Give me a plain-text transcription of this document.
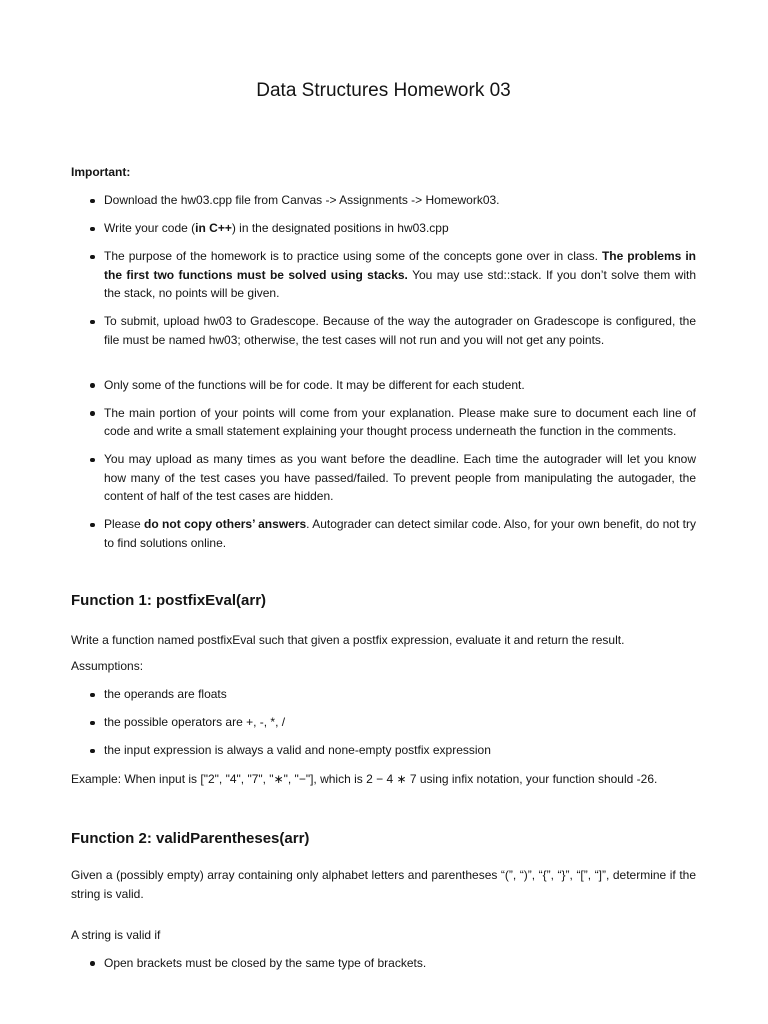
Data Structures Homework 03

Important:

Download the hw03.cpp file from Canvas -> Assignments -> Homework03.
Write your code (in C++) in the designated positions in hw03.cpp
The purpose of the homework is to practice using some of the concepts gone over in class. The problems in the first two functions must be solved using stacks. You may use std::stack. If you don’t solve them with the stack, no points will be given.
To submit, upload hw03 to Gradescope. Because of the way the autograder on Gradescope is configured, the file must be named hw03; otherwise, the test cases will not run and you will not get any points.
Only some of the functions will be for code. It may be different for each student.
The main portion of your points will come from your explanation. Please make sure to document each line of code and write a small statement explaining your thought process underneath the function in the comments.
You may upload as many times as you want before the deadline. Each time the autograder will let you know how many of the test cases you have passed/failed. To prevent people from manipulating the autogader, the content of half of the test cases are hidden.
Please do not copy others’ answers. Autograder can detect similar code. Also, for your own benefit, do not try to find solutions online.
Function 1: postfixEval(arr)

Write a function named postfixEval such that given a postfix expression, evaluate it and return the result.

Assumptions:

the operands are floats
the possible operators are +, -, *, /
the input expression is always a valid and none-empty postfix expression

Example: When input is ["2", "4", "7", "∗", "−"], which is 2 − 4 ∗ 7 using infix notation, your function should -26.

Function 2: validParentheses(arr)

Given a (possibly empty) array containing only alphabet letters and parentheses “(”, “)”, “{”, “}”, “[”, “]”, determine if the string is valid.

A string is valid if

Open brackets must be closed by the same type of brackets.
